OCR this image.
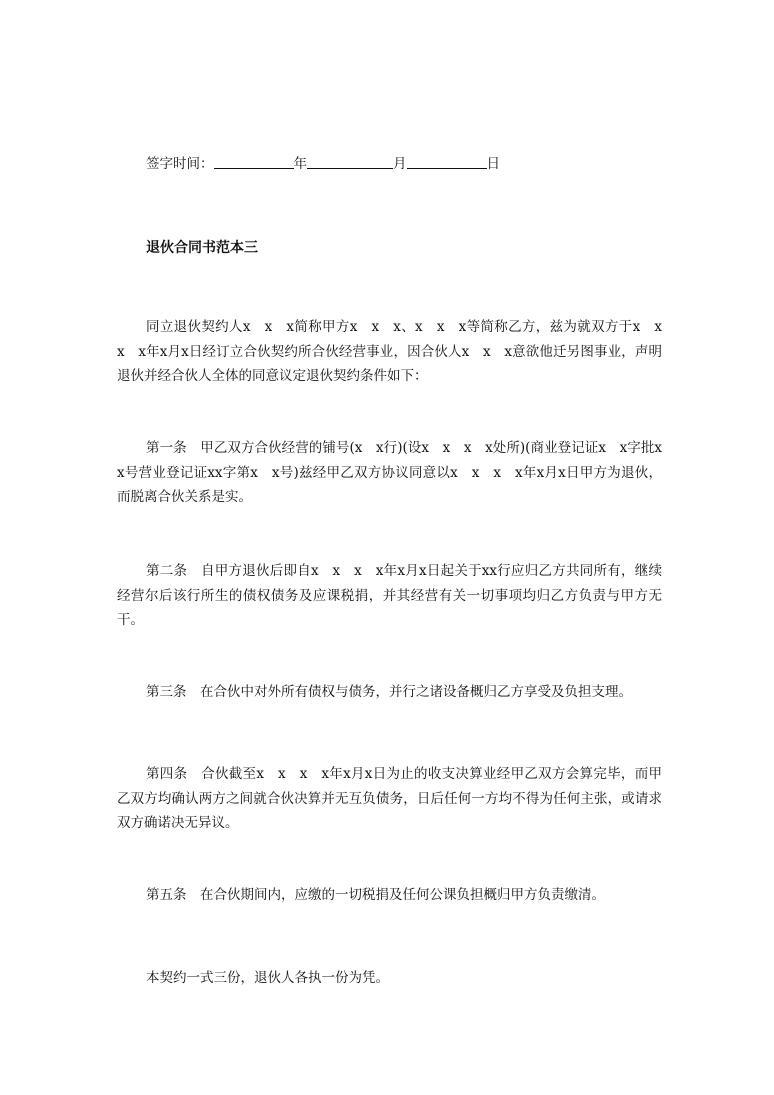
签字时间：	年	月	日
退伙合同书范本三
同立退伙契约人x　x　x简称甲方x　x　x、x　x　x等简称乙方，兹为就双方于x　x　x　x年x月x日经订立合伙契约所合伙经营事业，因合伙人x　x　x意欲他迁另图事业，声明退伙并经合伙人全体的同意议定退伙契约条件如下：
第一条　甲乙双方合伙经营的铺号(x　x行)(设x　x　x　x处所)(商业登记证x　x字批x　x号营业登记证xx字第x　x号)兹经甲乙双方协议同意以x　x　x　x年x月x日甲方为退伙，而脱离合伙关系是实。
第二条　自甲方退伙后即自x　x　x　x年x月x日起关于xx行应归乙方共同所有，继续经营尔后该行所生的债权债务及应课税捐，并其经营有关一切事项均归乙方负责与甲方无干。
第三条　在合伙中对外所有债权与债务，并行之诸设备概归乙方享受及负担支理。
第四条　合伙截至x　x　x　x年x月x日为止的收支决算业经甲乙双方会算完毕，而甲乙双方均确认两方之间就合伙决算并无互负债务，日后任何一方均不得为任何主张，或请求双方确诺决无异议。
第五条　在合伙期间内，应缴的一切税捐及任何公课负担概归甲方负责缴清。
本契约一式三份，退伙人各执一份为凭。
